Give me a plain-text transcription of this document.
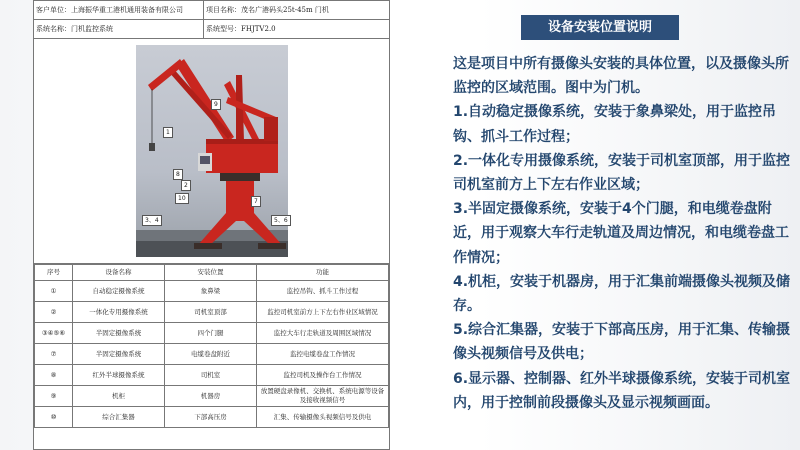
客户单位：上海振华重工港机通用装备有限公司	项目名称：茂名广港码头25t-45m 门机
系统名称：门机监控系统	系统型号：FHJTV2.0
1
2
3、4	5、6
7
8
9
10
序号	设备名称	安装位置	功能
①	自动稳定摄像系统	象鼻梁	监控吊钩、抓斗工作过程
②	一体化专用摄像系统	司机室顶部	监控司机室前方上下左右作业区域情况
③④⑤⑥	半固定摄像系统	四个门腿	监控大车行走轨道及周围区域情况
⑦	半固定摄像系统	电缆卷盘附近	监控电缆卷盘工作情况
⑧	红外半球摄像系统	司机室	监控司机及操作台工作情况
⑨	机柜	机器房	放置硬盘录像机、交换机、系统电源等设备及接收视频信号
⑩	综合汇集器	下部高压房	汇集、传输摄像头视频信号及供电
设备安装位置说明

这是项目中所有摄像头安装的具体位置，以及摄像头所监控的区域范围。图中为门机。

1.自动稳定摄像系统，安装于象鼻梁处，用于监控吊钩、抓斗工作过程；

2.一体化专用摄像系统，安装于司机室顶部，用于监控司机室前方上下左右作业区域；

3.半固定摄像系统，安装于4个门腿，和电缆卷盘附近，用于观察大车行走轨道及周边情况，和电缆卷盘工作情况；

4.机柜，安装于机器房，用于汇集前端摄像头视频及储存。

5.综合汇集器，安装于下部高压房，用于汇集、传输摄像头视频信号及供电；

6.显示器、控制器、红外半球摄像系统，安装于司机室内，用于控制前段摄像头及显示视频画面。
